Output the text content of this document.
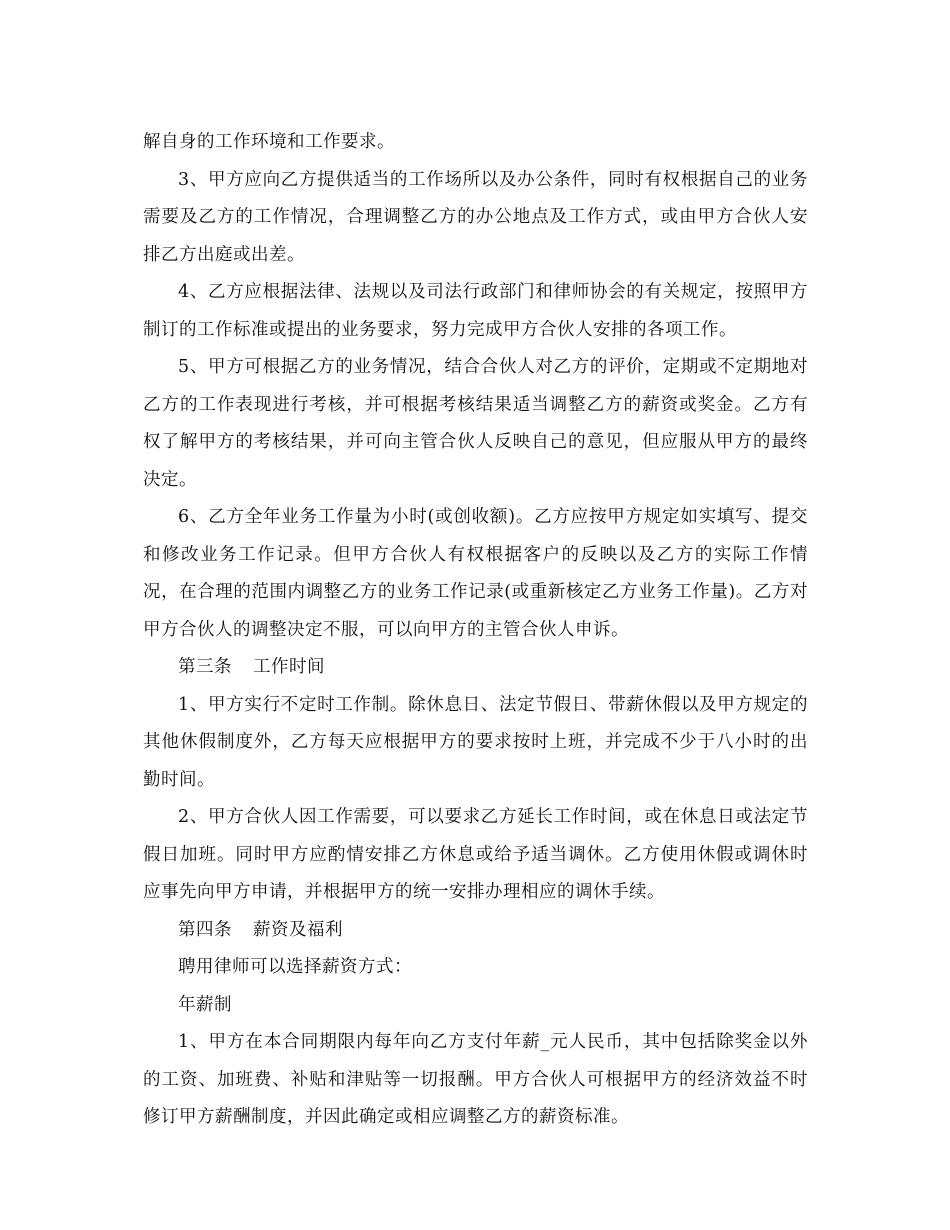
解自身的工作环境和工作要求。

3、甲方应向乙方提供适当的工作场所以及办公条件，同时有权根据自己的业务需要及乙方的工作情况，合理调整乙方的办公地点及工作方式，或由甲方合伙人安排乙方出庭或出差。

4、乙方应根据法律、法规以及司法行政部门和律师协会的有关规定，按照甲方制订的工作标准或提出的业务要求，努力完成甲方合伙人安排的各项工作。

5、甲方可根据乙方的业务情况，结合合伙人对乙方的评价，定期或不定期地对乙方的工作表现进行考核，并可根据考核结果适当调整乙方的薪资或奖金。乙方有权了解甲方的考核结果，并可向主管合伙人反映自己的意见，但应服从甲方的最终决定。

6、乙方全年业务工作量为小时(或创收额)。乙方应按甲方规定如实填写、提交和修改业务工作记录。但甲方合伙人有权根据客户的反映以及乙方的实际工作情况，在合理的范围内调整乙方的业务工作记录(或重新核定乙方业务工作量)。乙方对甲方合伙人的调整决定不服，可以向甲方的主管合伙人申诉。

第三条 工作时间

1、甲方实行不定时工作制。除休息日、法定节假日、带薪休假以及甲方规定的其他休假制度外，乙方每天应根据甲方的要求按时上班，并完成不少于八小时的出勤时间。

2、甲方合伙人因工作需要，可以要求乙方延长工作时间，或在休息日或法定节假日加班。同时甲方应酌情安排乙方休息或给予适当调休。乙方使用休假或调休时应事先向甲方申请，并根据甲方的统一安排办理相应的调休手续。

第四条 薪资及福利

聘用律师可以选择薪资方式：

年薪制

1、甲方在本合同期限内每年向乙方支付年薪_元人民币，其中包括除奖金以外的工资、加班费、补贴和津贴等一切报酬。甲方合伙人可根据甲方的经济效益不时修订甲方薪酬制度，并因此确定或相应调整乙方的薪资标准。
